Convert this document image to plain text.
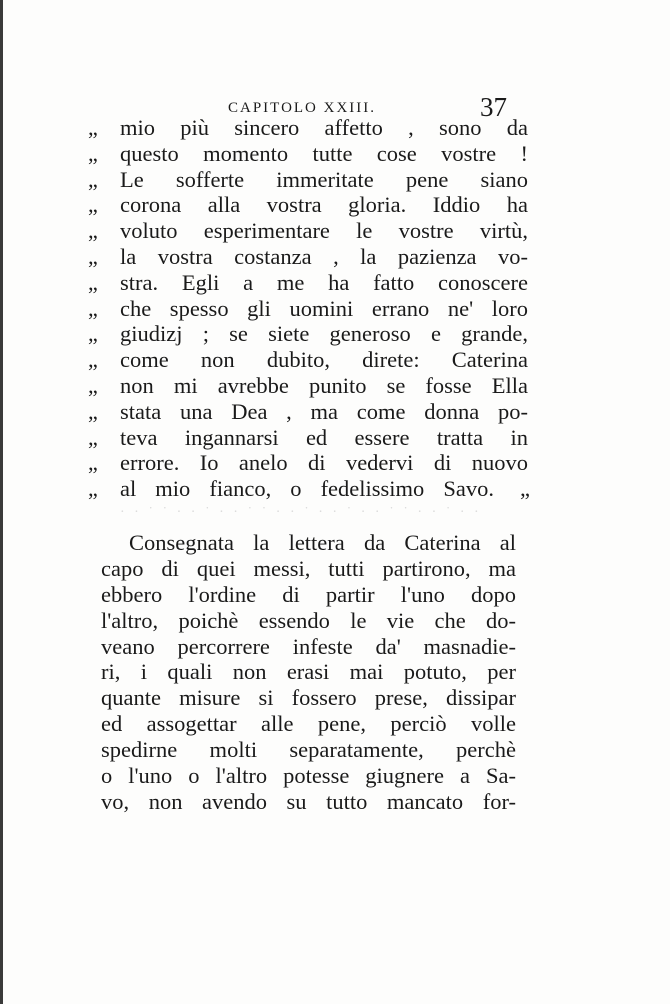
CAPITOLO XXIII.	37
„ mio più sincero affetto , sono da
„ questo momento tutte cose vostre !
„ Le sofferte immeritate pene siano
„ corona alla vostra gloria. Iddio ha
„ voluto esperimentare le vostre virtù,
„ la vostra costanza , la pazienza vo-
„ stra. Egli a me ha fatto conoscere
„ che spesso gli uomini errano ne' loro
„ giudizj ; se siete generoso e grande,
„ come non dubito, direte: Caterina
„ non mi avrebbe punito se fosse Ella
„ stata una Dea , ma come donna po-
„ teva ingannarsi ed essere tratta in
„ errore. Io anelo di vedervi di nuovo
„ al mio fianco, o fedelissimo Savo. „
· · ˙ ˙ · · ˙ · · ˙ ˙ · · ˙ · · ˙ · · ˙ ˙ · · ˙ · ·
Consegnata la lettera da Caterina al
capo di quei messi, tutti partirono, ma
ebbero l'ordine di partir l'uno dopo
l'altro, poichè essendo le vie che do-
veano percorrere infeste da' masnadie-
ri, i quali non erasi mai potuto, per
quante misure si fossero prese, dissipar
ed assogettar alle pene, perciò volle
spedirne molti separatamente, perchè
o l'uno o l'altro potesse giugnere a Sa-
vo, non avendo su tutto mancato for-
